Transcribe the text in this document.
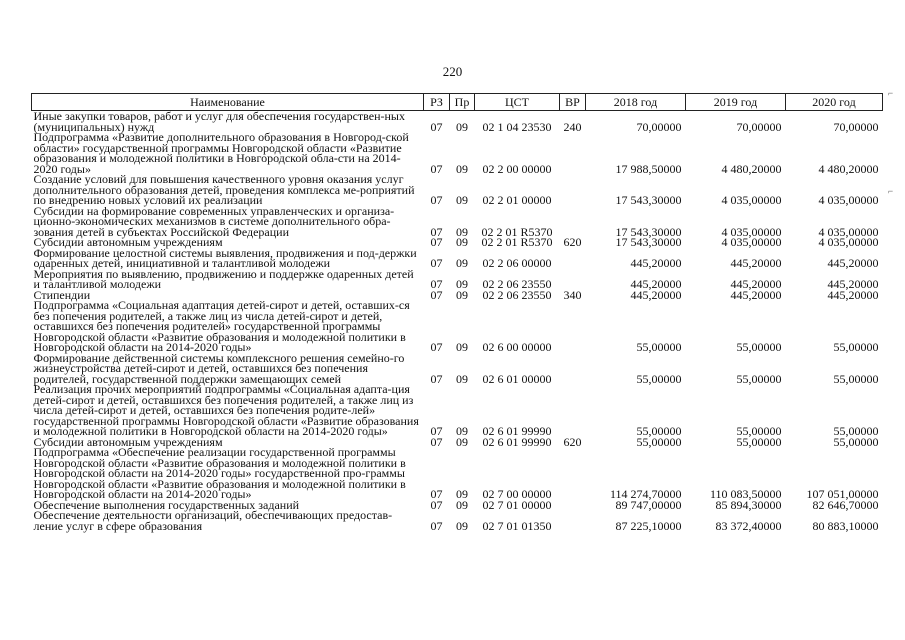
220
Наименование	РЗ	Пр	ЦСТ	ВР	2018 год	2019 год	2020 год
Иные закупки товаров, работ и услуг для обеспечения государствен-ных (муниципальных) нужд	07	09	02 1 04 23530	240	70,00000	70,00000	70,00000
Подпрограмма «Развитие дополнительного образования в Новгород-ской области» государственной программы Новгородской области «Развитие образования и молодежной политики в Новгородской обла-сти на 2014-2020 годы»	07	09	02 2 00 00000		17 988,50000	4 480,20000	4 480,20000
Создание условий для повышения качественного уровня оказания услуг дополнительного образования детей, проведения комплекса ме-роприятий по внедрению новых условий их реализации	07	09	02 2 01 00000		17 543,30000	4 035,00000	4 035,00000
Субсидии на формирование современных управленческих и организа-ционно-экономических механизмов в системе дополнительного обра-зования детей в субъектах Российской Федерации	07	09	02 2 01 R5370		17 543,30000	4 035,00000	4 035,00000
Субсидии автономным учреждениям	07	09	02 2 01 R5370	620	17 543,30000	4 035,00000	4 035,00000
Формирование целостной системы выявления, продвижения и под-держки одаренных детей, инициативной и талантливой молодежи	07	09	02 2 06 00000		445,20000	445,20000	445,20000
Мероприятия по выявлению, продвижению и поддержке одаренных детей и талантливой молодежи	07	09	02 2 06 23550		445,20000	445,20000	445,20000
Стипендии	07	09	02 2 06 23550	340	445,20000	445,20000	445,20000
Подпрограмма «Социальная адаптация детей-сирот и детей, оставших-ся без попечения родителей, а также лиц из числа детей-сирот и детей, оставшихся без попечения родителей» государственной программы Новгородской области «Развитие образования и молодежной политики в Новгородской области на 2014-2020 годы»	07	09	02 6 00 00000		55,00000	55,00000	55,00000
Формирование действенной системы комплексного решения семейно-го жизнеустройства детей-сирот и детей, оставшихся без попечения родителей, государственной поддержки замещающих семей	07	09	02 6 01 00000		55,00000	55,00000	55,00000
Реализация прочих мероприятий подпрограммы «Социальная адапта-ция детей-сирот и детей, оставшихся без попечения родителей, а также лиц из числа детей-сирот и детей, оставшихся без попечения родите-лей» государственной программы Новгородской области «Развитие образования и молодежной политики в Новгородской области на 2014-2020 годы»	07	09	02 6 01 99990		55,00000	55,00000	55,00000
Субсидии автономным учреждениям	07	09	02 6 01 99990	620	55,00000	55,00000	55,00000
Подпрограмма «Обеспечение реализации государственной программы Новгородской области «Развитие образования и молодежной политики в Новгородской области на 2014-2020 годы» государственной про-граммы Новгородской области «Развитие образования и молодежной политики в Новгородской области на 2014-2020 годы»	07	09	02 7 00 00000		114 274,70000	110 083,50000	107 051,00000
Обеспечение выполнения государственных заданий	07	09	02 7 01 00000		89 747,00000	85 894,30000	82 646,70000
Обеспечение деятельности организаций, обеспечивающих предостав-ление услуг в сфере образования	07	09	02 7 01 01350		87 225,10000	83 372,40000	80 883,10000
⌐
⌐
